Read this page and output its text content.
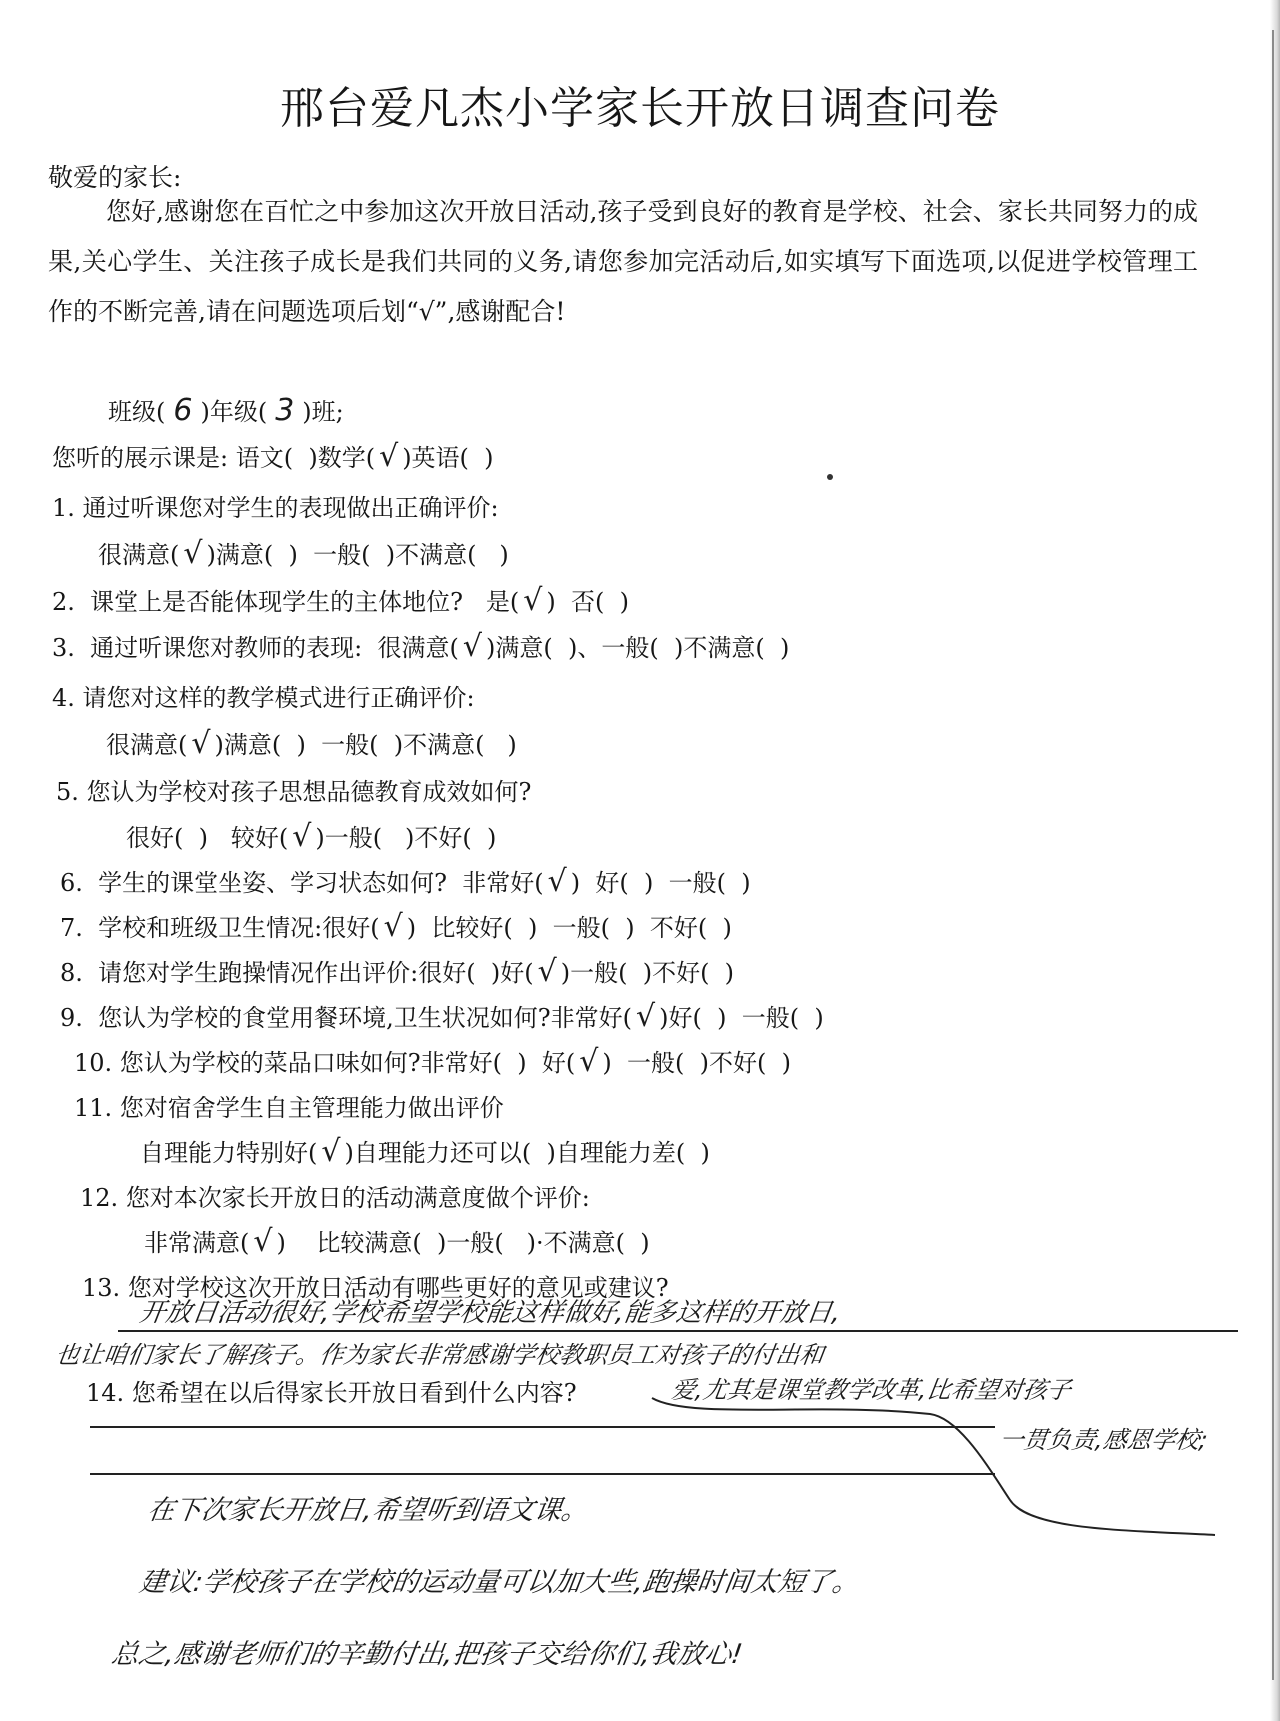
邢台爱凡杰小学家长开放日调查问卷
敬爱的家长:
您好,感谢您在百忙之中参加这次开放日活动,孩子受到良好的教育是学校、社会、家长共同努力的成果,关心学生、关注孩子成长是我们共同的义务,请您参加完活动后,如实填写下面选项,以促进学校管理工作的不断完善,请在问题选项后划“√”,感谢配合!
班级( 6 )年级( 3 )班;
您听的展示课是: 语文(  )数学( √ )英语(  )
1. 通过听课您对学生的表现做出正确评价:
很满意( √ )满意(  )  一般(  )不满意(   )
2.  课堂上是否能体现学生的主体地位?   是( √ )  否(  )
3.  通过听课您对教师的表现:  很满意( √ )满意(  )、一般(  )不满意(  )
4. 请您对这样的教学模式进行正确评价:
很满意( √ )满意(  )  一般(  )不满意(   )
5. 您认为学校对孩子思想品德教育成效如何?
很好(  )   较好( √ )一般(   )不好(  )
6.  学生的课堂坐姿、学习状态如何?  非常好( √ )  好(  )  一般(  )
7.  学校和班级卫生情况:很好( √ )  比较好(  )  一般(  )  不好(  )
8.  请您对学生跑操情况作出评价:很好(  )好( √ )一般(  )不好(  )
9.  您认为学校的食堂用餐环境,卫生状况如何?非常好( √ )好(  )  一般(  )
10. 您认为学校的菜品口味如何?非常好(  )  好( √ )  一般(  )不好(  )
11. 您对宿舍学生自主管理能力做出评价
自理能力特别好( √ )自理能力还可以(  )自理能力差(  )
12. 您对本次家长开放日的活动满意度做个评价:
非常满意( √ )    比较满意(  )一般(   )·不满意(  )
13. 您对学校这次开放日活动有哪些更好的意见或建议?
开放日活动很好,学校希望学校能这样做好,能多这样的开放日,
也让咱们家长了解孩子。作为家长非常感谢学校教职员工对孩子的付出和
14. 您希望在以后得家长开放日看到什么内容?	爱,尤其是课堂教学改革,比希望对孩子
一贯负责,感恩学校;
在下次家长开放日,希望听到语文课。
建议:学校孩子在学校的运动量可以加大些,跑操时间太短了。
总之,感谢老师们的辛勤付出,把孩子交给你们,我放心!
